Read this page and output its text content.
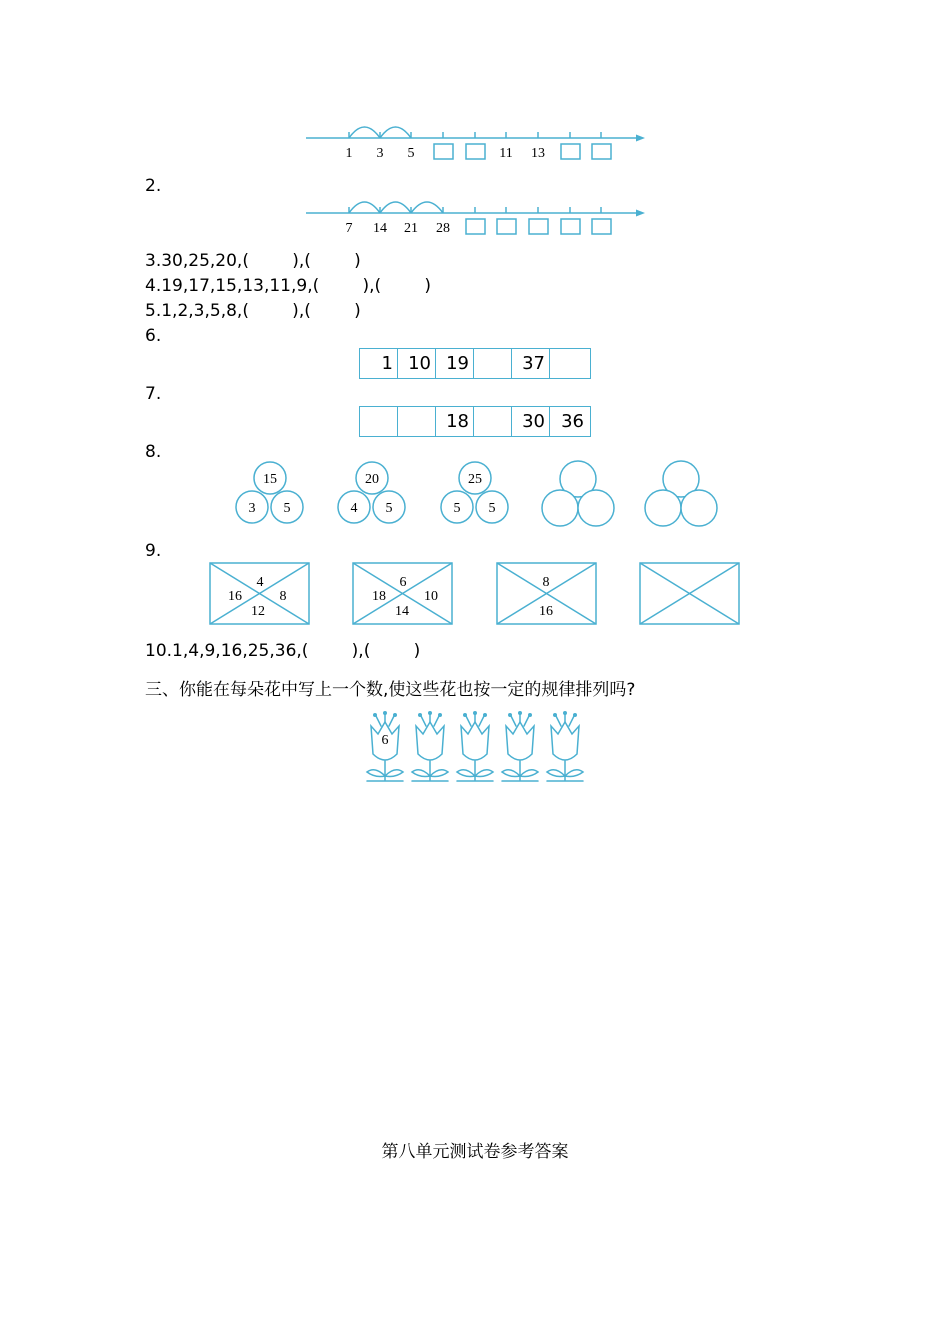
1 3 5	11 13
2.
7 14 21 28
3.30,25,20,(        ),(        )
4.19,17,15,13,11,9,(        ),(        )
5.1,2,3,5,8,(        ),(        )
6.
1 10 19	37
7.
18	30 36
8.
15
3 5
20
4 5
25
5 5
9.
4
16	8
12
6
18	10
14
8
16
10.1,4,9,16,25,36,(        ),(        )
三、你能在每朵花中写上一个数,使这些花也按一定的规律排列吗?
6
第八单元测试卷参考答案
